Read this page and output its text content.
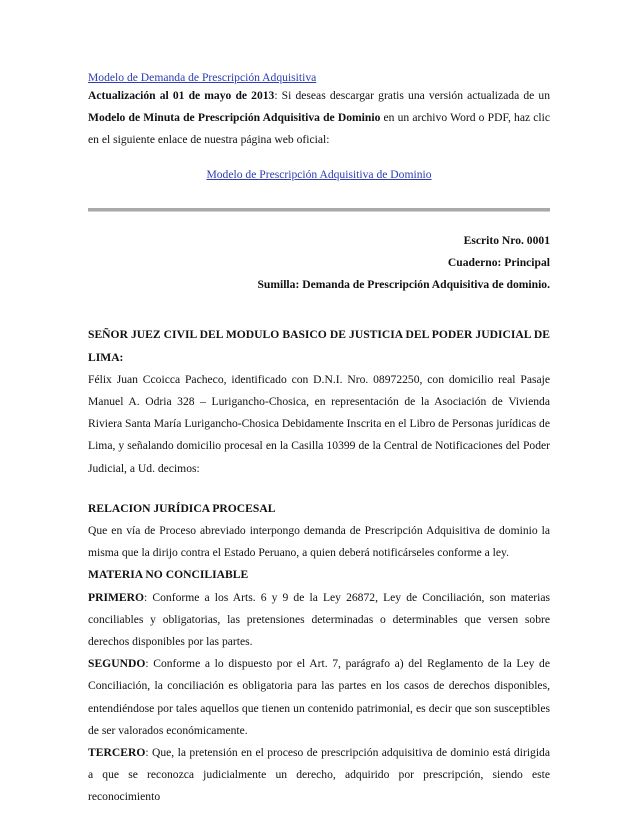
Modelo de Demanda de Prescripción Adquisitiva

Actualización al 01 de mayo de 2013: Si deseas descargar gratis una versión actualizada de un Modelo de Minuta de Prescripción Adquisitiva de Dominio en un archivo Word o PDF, haz clic en el siguiente enlace de nuestra página web oficial:

Modelo de Prescripción Adquisitiva de Dominio

Escrito Nro. 0001

Cuaderno: Principal

Sumilla: Demanda de Prescripción Adquisitiva de dominio.

SEÑOR JUEZ CIVIL DEL MODULO BASICO DE JUSTICIA DEL PODER JUDICIAL DE LIMA:

Félix Juan Ccoicca Pacheco, identificado con D.N.I. Nro. 08972250, con domicilio real Pasaje Manuel A. Odria 328 – Lurigancho-Chosica, en representación de la Asociación de Vivienda Riviera Santa María Lurigancho-Chosica Debidamente Inscrita en el Libro de Personas jurídicas de Lima, y señalando domicilio procesal en la Casilla 10399 de la Central de Notificaciones del Poder Judicial, a Ud. decimos:

RELACION JURÍDICA PROCESAL

Que en vía de Proceso abreviado interpongo demanda de Prescripción Adquisitiva de dominio la misma que la dirijo contra el Estado Peruano, a quien deberá notificárseles conforme a ley.

MATERIA NO CONCILIABLE

PRIMERO: Conforme a los Arts. 6 y 9 de la Ley 26872, Ley de Conciliación, son materias conciliables y obligatorias, las pretensiones determinadas o determinables que versen sobre derechos disponibles por las partes.

SEGUNDO: Conforme a lo dispuesto por el Art. 7, parágrafo a) del Reglamento de la Ley de Conciliación, la conciliación es obligatoria para las partes en los casos de derechos disponibles, entendiéndose por tales aquellos que tienen un contenido patrimonial, es decir que son susceptibles de ser valorados económicamente.

TERCERO: Que, la pretensión en el proceso de prescripción adquisitiva de dominio está dirigida a que se reconozca judicialmente un derecho, adquirido por prescripción, siendo este reconocimiento
